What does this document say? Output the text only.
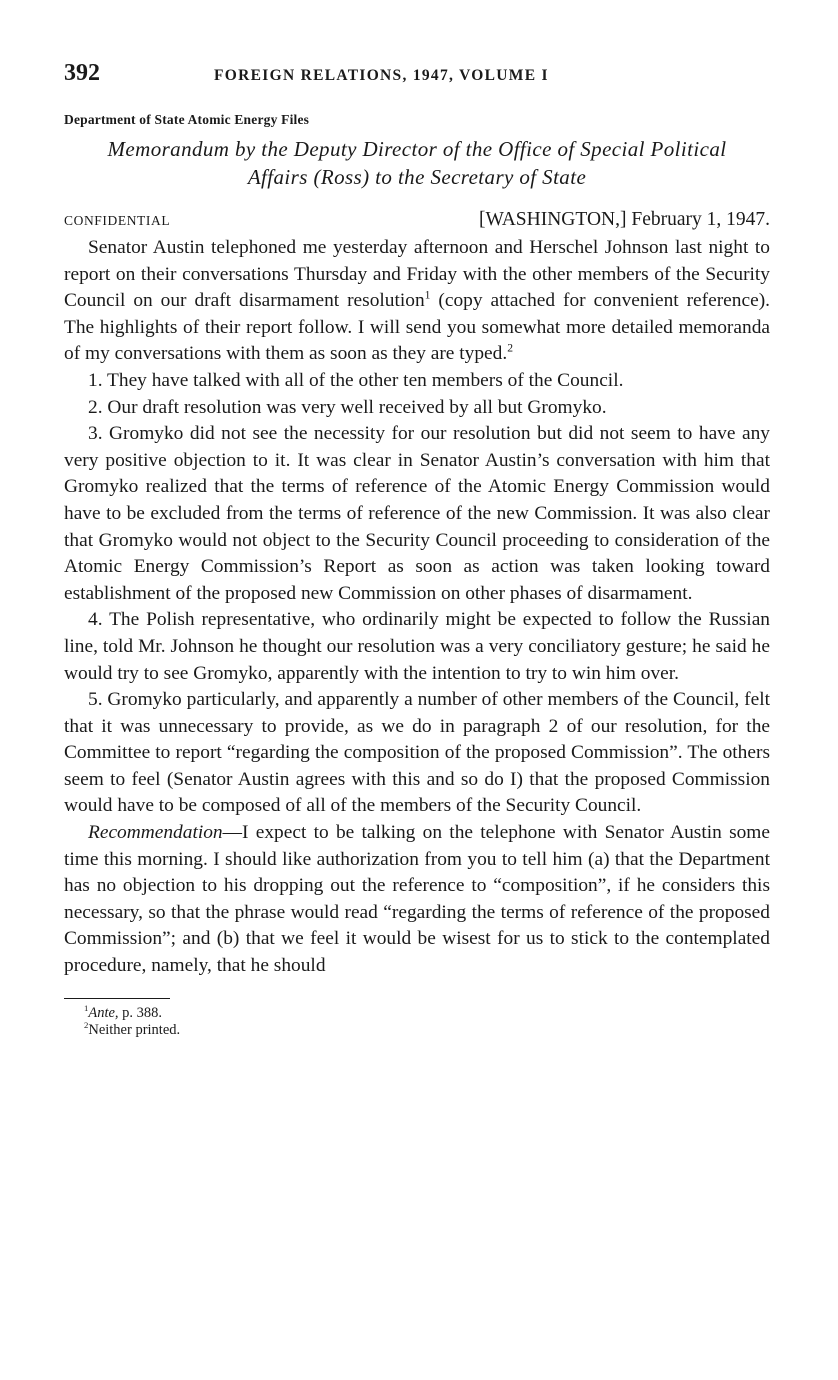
392	FOREIGN RELATIONS, 1947, VOLUME I
Department of State Atomic Energy Files
Memorandum by the Deputy Director of the Office of Special Political
Affairs (Ross) to the Secretary of State
CONFIDENTIAL	[WASHINGTON,] February 1, 1947.

Senator Austin telephoned me yesterday afternoon and Herschel Johnson last night to report on their conversations Thursday and Friday with the other members of the Security Council on our draft disarmament resolution$^1$ (copy attached for convenient reference). The highlights of their report follow. I will send you somewhat more detailed memoranda of my conversations with them as soon as they are typed.$^2$

1. They have talked with all of the other ten members of the Council.

2. Our draft resolution was very well received by all but Gromyko.

3. Gromyko did not see the necessity for our resolution but did not seem to have any very positive objection to it. It was clear in Senator Austin’s conversation with him that Gromyko realized that the terms of reference of the Atomic Energy Commission would have to be excluded from the terms of reference of the new Commission. It was also clear that Gromyko would not object to the Security Council proceeding to consideration of the Atomic Energy Commission’s Report as soon as action was taken looking toward establishment of the proposed new Commission on other phases of disarmament.

4. The Polish representative, who ordinarily might be expected to follow the Russian line, told Mr. Johnson he thought our resolution was a very conciliatory gesture; he said he would try to see Gromyko, apparently with the intention to try to win him over.

5. Gromyko particularly, and apparently a number of other members of the Council, felt that it was unnecessary to provide, as we do in paragraph 2 of our resolution, for the Committee to report “regarding the composition of the proposed Commission”. The others seem to feel (Senator Austin agrees with this and so do I) that the proposed Commission would have to be composed of all of the members of the Security Council.

Recommendation—I expect to be talking on the telephone with Senator Austin some time this morning. I should like authorization from you to tell him (a) that the Department has no objection to his dropping out the reference to “composition”, if he considers this necessary, so that the phrase would read “regarding the terms of reference of the proposed Commission”; and (b) that we feel it would be wisest for us to stick to the contemplated procedure, namely, that he should

$^1$Ante, p. 388.
$^2$Neither printed.
